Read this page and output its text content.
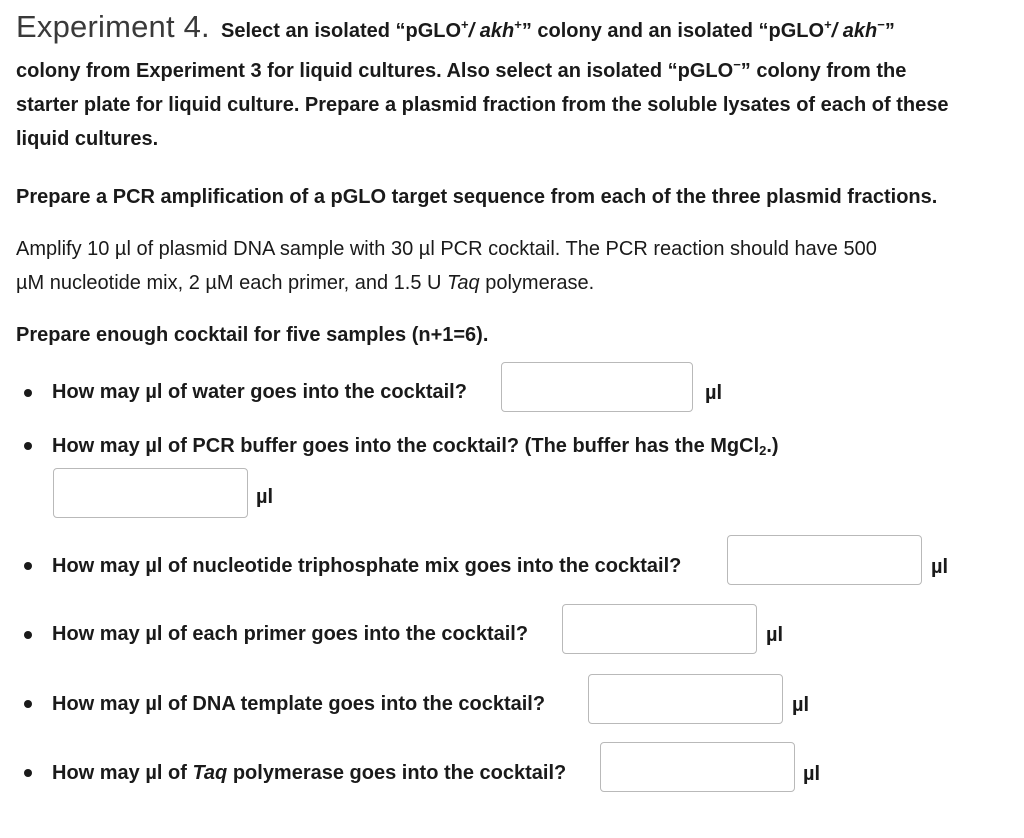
Experiment 4. Select an isolated “pGLO+/ akh+” colony and an isolated “pGLO+/ akh−”
colony from Experiment 3 for liquid cultures. Also select an isolated “pGLO−” colony from the
starter plate for liquid culture. Prepare a plasmid fraction from the soluble lysates of each of these
liquid cultures.

Prepare a PCR amplification of a pGLO target sequence from each of the three plasmid fractions.

Amplify 10 µl of plasmid DNA sample with 30 µl PCR cocktail. The PCR reaction should have 500
µM nucleotide mix, 2 µM each primer, and 1.5 U Taq polymerase.

Prepare enough cocktail for five samples (n+1=6).

How may µl of water goes into the cocktail?	µl
How may µl of PCR buffer goes into the cocktail? (The buffer has the MgCl$_2$.)
µl
How may µl of nucleotide triphosphate mix goes into the cocktail?	µl
How may µl of each primer goes into the cocktail?	µl
How may µl of DNA template goes into the cocktail?	µl
How may µl of Taq polymerase goes into the cocktail?	µl
